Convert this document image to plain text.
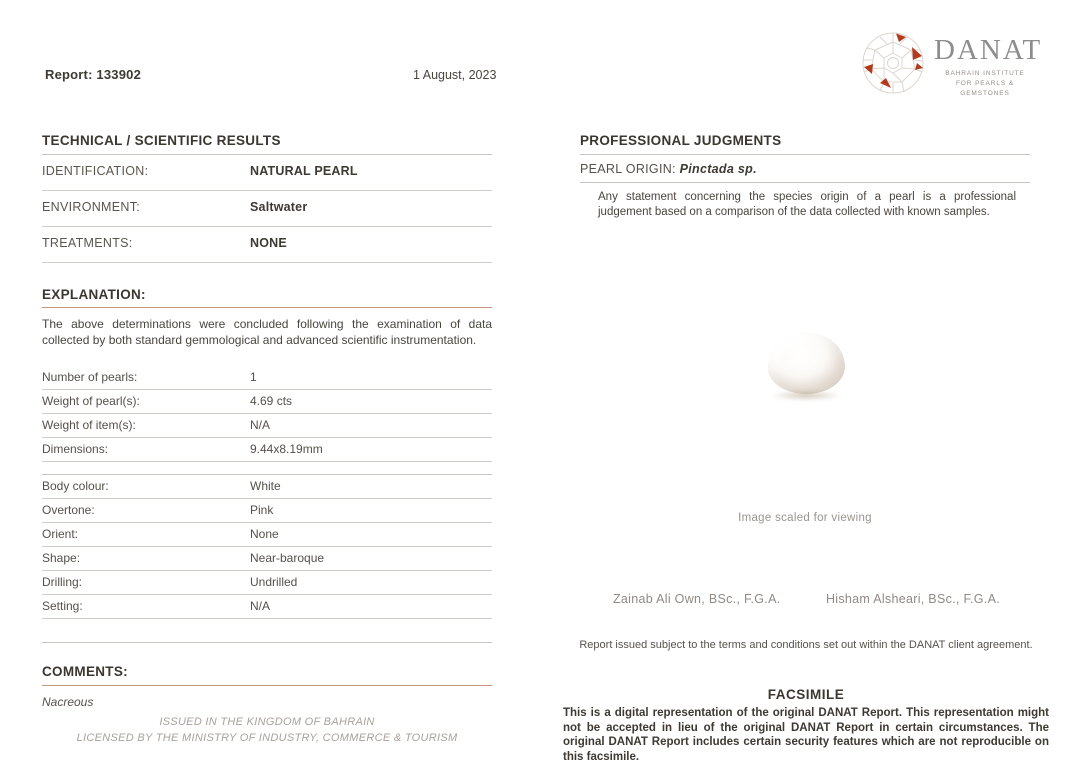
Report: 133902	1 August, 2023
DANAT
BAHRAIN INSTITUTE
FOR PEARLS & GEMSTONES
TECHNICAL / SCIENTIFIC RESULTS
IDENTIFICATION:	NATURAL PEARL
ENVIRONMENT:	Saltwater
TREATMENTS:	NONE
EXPLANATION:
The above determinations were concluded following the examination of data collected by both standard gemmological and advanced scientific instrumentation.
Number of pearls:	1
Weight of pearl(s):	4.69 cts
Weight of item(s):	N/A
Dimensions:	9.44x8.19mm
Body colour:	White
Overtone:	Pink
Orient:	None
Shape:	Near-baroque
Drilling:	Undrilled
Setting:	N/A
COMMENTS:
Nacreous
ISSUED IN THE KINGDOM OF BAHRAIN
LICENSED BY THE MINISTRY OF INDUSTRY, COMMERCE & TOURISM
PROFESSIONAL JUDGMENTS
PEARL ORIGIN: Pinctada sp.
Any statement concerning the species origin of a pearl is a professional judgement based on a comparison of the data collected with known samples.
Image scaled for viewing
Zainab Ali Own, BSc., F.G.A.	Hisham Alsheari, BSc., F.G.A.
Report issued subject to the terms and conditions set out within the DANAT client agreement.
FACSIMILE
This is a digital representation of the original DANAT Report. This representation might not be accepted in lieu of the original DANAT Report in certain circumstances. The original DANAT Report includes certain security features which are not reproducible on this facsimile.
